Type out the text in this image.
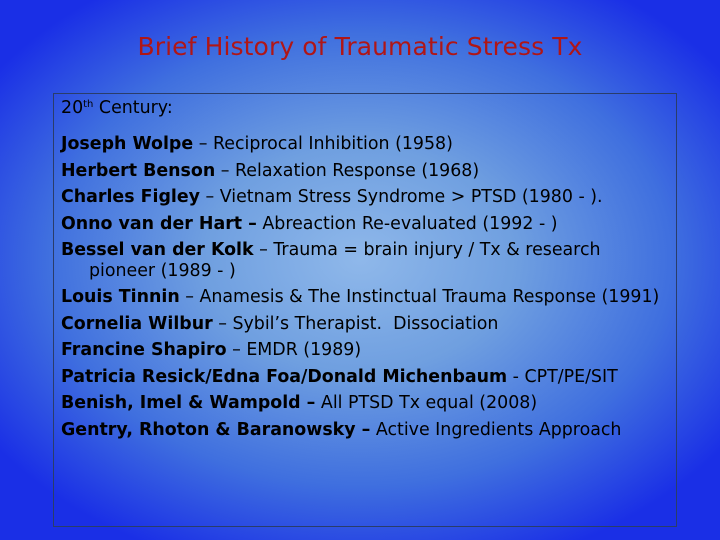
Brief History of Traumatic Stress Tx
20th Century:
Joseph Wolpe – Reciprocal Inhibition (1958)
Herbert Benson – Relaxation Response (1968)
Charles Figley – Vietnam Stress Syndrome > PTSD (1980 - ).
Onno van der Hart – Abreaction Re-evaluated (1992 - )
Bessel van der Kolk – Trauma = brain injury / Tx & research pioneer (1989 - )
Louis Tinnin – Anamesis & The Instinctual Trauma Response (1991)
Cornelia Wilbur – Sybil’s Therapist.  Dissociation
Francine Shapiro – EMDR (1989)
Patricia Resick/Edna Foa/Donald Michenbaum - CPT/PE/SIT
Benish, Imel & Wampold – All PTSD Tx equal (2008)
Gentry, Rhoton & Baranowsky – Active Ingredients Approach
